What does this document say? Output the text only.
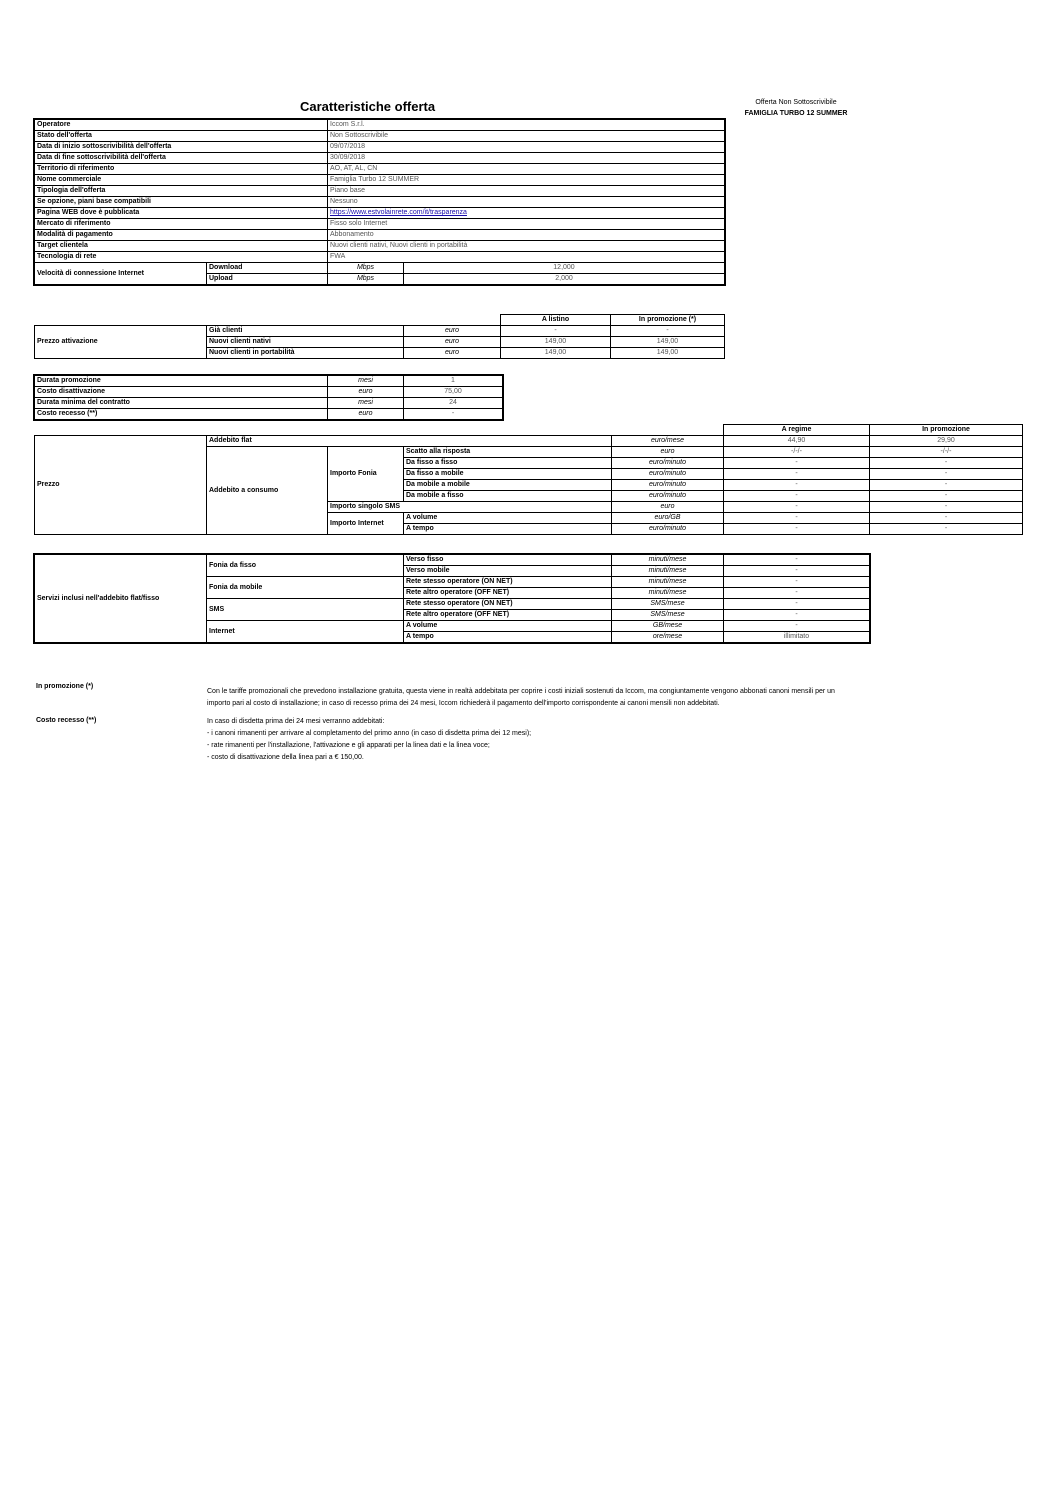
Caratteristiche offerta	Offerta Non Sottoscrivibile
FAMIGLIA TURBO 12 SUMMER
Operatore		Iccom S.r.l.	
Stato dell'offerta		Non Sottoscrivibile	
Data di inizio sottoscrivibilità dell'offerta		09/07/2018	
Data di fine sottoscrivibilità dell'offerta		30/09/2018	
Territorio di riferimento		AO, AT, AL, CN	
Nome commerciale		Famiglia Turbo 12 SUMMER	
Tipologia dell'offerta		Piano base	
Se opzione, piani base compatibili		Nessuno	
Pagina WEB dove è pubblicata		https://www.estvolainrete.com/it/trasparenza	
Mercato di riferimento		Fisso solo Internet	
Modalità di pagamento		Abbonamento	
Target clientela		Nuovi clienti nativi, Nuovi clienti in portabilità	
Tecnologia di rete		FWA	
Velocità di connessione Internet	Download	Mbps	12,000
	Upload	Mbps	2,000
			A listino	In promozione (*)
Prezzo attivazione	Già clienti	euro	-	-
	Nuovi clienti nativi	euro	149,00	149,00
	Nuovi clienti in portabilità	euro	149,00	149,00
Durata promozione	mesi	1
Costo disattivazione	euro	75,00
Durata minima del contratto	mesi	24
Costo recesso (**)	euro	-
					A regime	In promozione
Prezzo	Addebito flat			euro/mese	44,90	29,90
	Addebito a consumo	Importo Fonia	Scatto alla risposta	euro	-/-/-	-/-/-
			Da fisso a fisso	euro/minuto	-	-
			Da fisso a mobile	euro/minuto	-	-
			Da mobile a mobile	euro/minuto	-	-
			Da mobile a fisso	euro/minuto	-	-
		Importo singolo SMS		euro	-	-
		Importo Internet	A volume	euro/GB	-	-
			A tempo	euro/minuto	-	-
Servizi inclusi nell'addebito flat/fisso	Fonia da fisso	Verso fisso	minuti/mese	-
		Verso mobile	minuti/mese	-
	Fonia da mobile	Rete stesso operatore (ON NET)	minuti/mese	-
		Rete altro operatore (OFF NET)	minuti/mese	-
	SMS	Rete stesso operatore (ON NET)	SMS/mese	-
		Rete altro operatore (OFF NET)	SMS/mese	-
	Internet	A volume	GB/mese	-
		A tempo	ore/mese	illimitato
In promozione (*)
Con le tariffe promozionali che prevedono installazione gratuita, questa viene in realtà addebitata per coprire i costi iniziali sostenuti da Iccom, ma congiuntamente vengono abbonati canoni mensili per un
importo pari al costo di installazione; in caso di recesso prima dei 24 mesi, Iccom richiederà il pagamento dell'importo corrispondente ai canoni mensili non addebitati.
Costo recesso (**)	In caso di disdetta prima dei 24 mesi verranno addebitati:
- i canoni rimanenti per arrivare al completamento del primo anno (in caso di disdetta prima dei 12 mesi);
- rate rimanenti per l'installazione, l'attivazione e gli apparati per la linea dati e la linea voce;
- costo di disattivazione della linea pari a € 150,00.
